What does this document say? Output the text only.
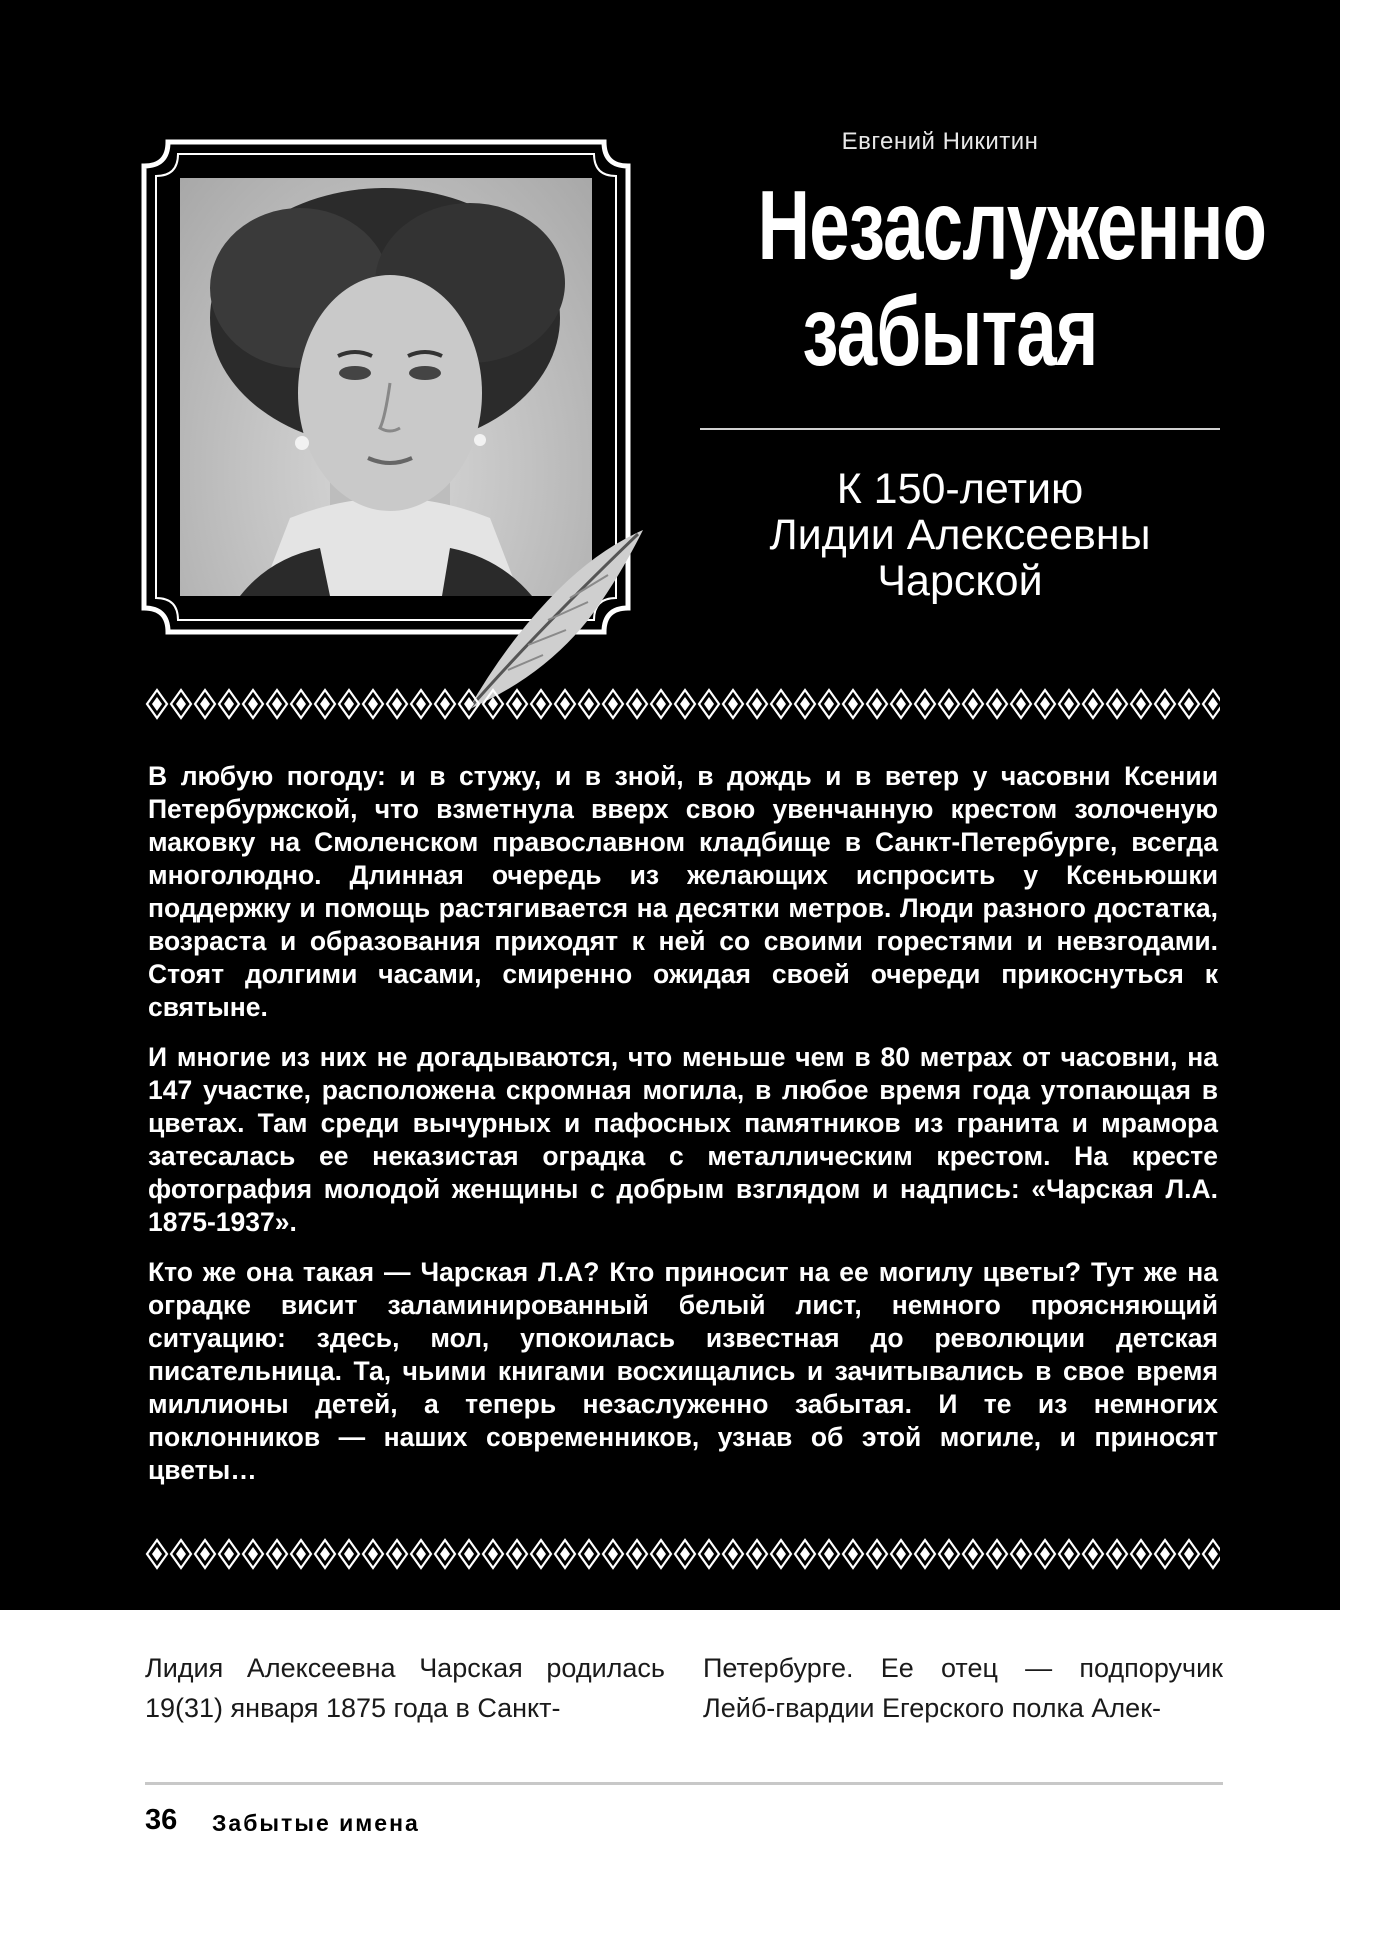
Евгений Никитин
Незаслуженно
забытая
К 150-летию
Лидии Алексеевны
Чарской

В любую погоду: и в стужу, и в зной, в дождь и в ветер у часовни Ксении Петербуржской, что взметнула вверх свою увенчанную крестом золоченую маковку на Смоленском православном кладбище в Санкт-Петербурге, всегда многолюдно. Длинная очередь из желающих испросить у Ксеньюшки поддержку и помощь растягивается на десятки метров. Люди разного достатка, возраста и образования приходят к ней со своими горестями и невзгодами. Стоят долгими часами, смиренно ожидая своей очереди прикоснуться к святыне.

И многие из них не догадываются, что меньше чем в 80 метрах от часовни, на 147 участке, расположена скромная могила, в любое время года утопающая в цветах. Там среди вычурных и пафосных памятников из гранита и мрамора затесалась ее неказистая оградка с металлическим крестом. На кресте фотография молодой женщины с добрым взглядом и надпись: «Чарская Л.А. 1875-1937».

Кто же она такая — Чарская Л.А? Кто приносит на ее могилу цветы? Тут же на оградке висит заламинированный белый лист, немного проясняющий ситуацию: здесь, мол, упокоилась известная до революции детская писательница. Та, чьими книгами восхищались и зачитывались в свое время миллионы детей, а теперь незаслуженно забытая. И те из немногих поклонников — наших современников, узнав об этой могиле, и приносят цветы…

Лидия Алексеевна Чарская родилась 19(31) января 1875 года в Санкт-
Петербурге. Ее отец — подпоручик Лейб-гвардии Егерского полка Алек-
36 Забытые имена
